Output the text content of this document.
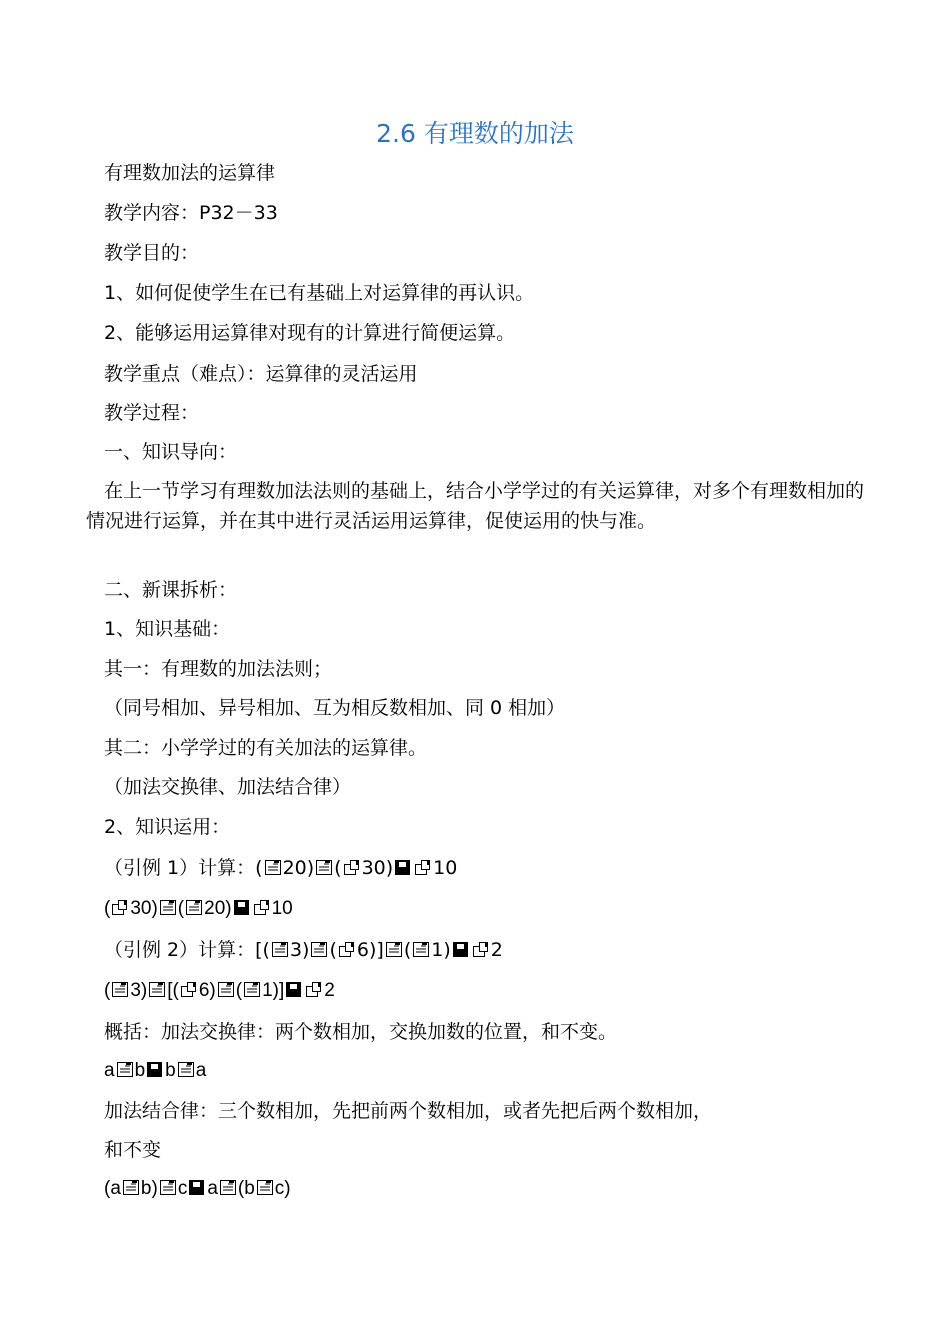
2.6 有理数的加法
有理数加法的运算律
教学内容：P32－33
教学目的：
1、如何促使学生在已有基础上对运算律的再认识。
2、能够运用运算律对现有的计算进行简便运算。
教学重点（难点）：运算律的灵活运用
教学过程：
一、知识导向：
在上一节学习有理数加法法则的基础上，结合小学学过的有关运算律，对多个有理数相加的情况进行运算，并在其中进行灵活运用运算律，促使运用的快与准。
二、新课拆析：
1、知识基础：
其一：有理数的加法法则；
（同号相加、异号相加、互为相反数相加、同 0 相加）
其二：小学学过的有关加法的运算律。
（加法交换律、加法结合律）
2、知识运用：
（引例 1）计算：( 20) ( 30) 10
( 30) ( 20) 10
（引例 2）计算：[( 3) ( 6)] ( 1) 2
( 3) [( 6) ( 1)] 2
概括：加法交换律：两个数相加，交换加数的位置，和不变。
a b b a
加法结合律：三个数相加，先把前两个数相加，或者先把后两个数相加，
和不变
(a b) c a (b c)
